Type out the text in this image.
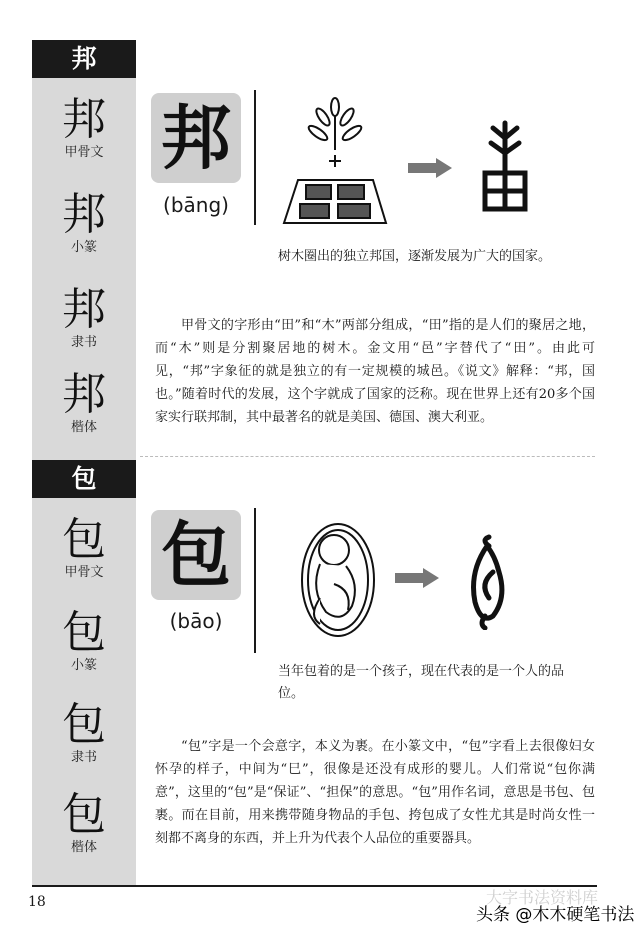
邦
邦
甲骨文
邦
小篆
邦
隶书
邦
楷体
邦
(bāng)
树木圈出的独立邦国，逐渐发展为广大的国家。
甲骨文的字形由“田”和“木”两部分组成，“田”指的是人们的聚居之地，而“木”则是分割聚居地的树木。金文用“邑”字替代了“田”。由此可见，“邦”字象征的就是独立的有一定规模的城邑。《说文》解释：“邦，国也。”随着时代的发展，这个字就成了国家的泛称。现在世界上还有20多个国家实行联邦制，其中最著名的就是美国、德国、澳大利亚。
包
包
甲骨文
包
小篆
包
隶书
包
楷体
包
(bāo)
当年包着的是一个孩子，现在代表的是一个人的品位。
“包”字是一个会意字，本义为裹。在小篆文中，“包”字看上去很像妇女怀孕的样子，中间为“巳”，很像是还没有成形的婴儿。人们常说“包你满意”，这里的“包”是“保证”、“担保”的意思。“包”用作名词，意思是书包、包裹。而在目前，用来携带随身物品的手包、挎包成了女性尤其是时尚女性一刻都不离身的东西，并上升为代表个人品位的重要器具。
18	大字书法资料库
头条 @木木硬笔书法
